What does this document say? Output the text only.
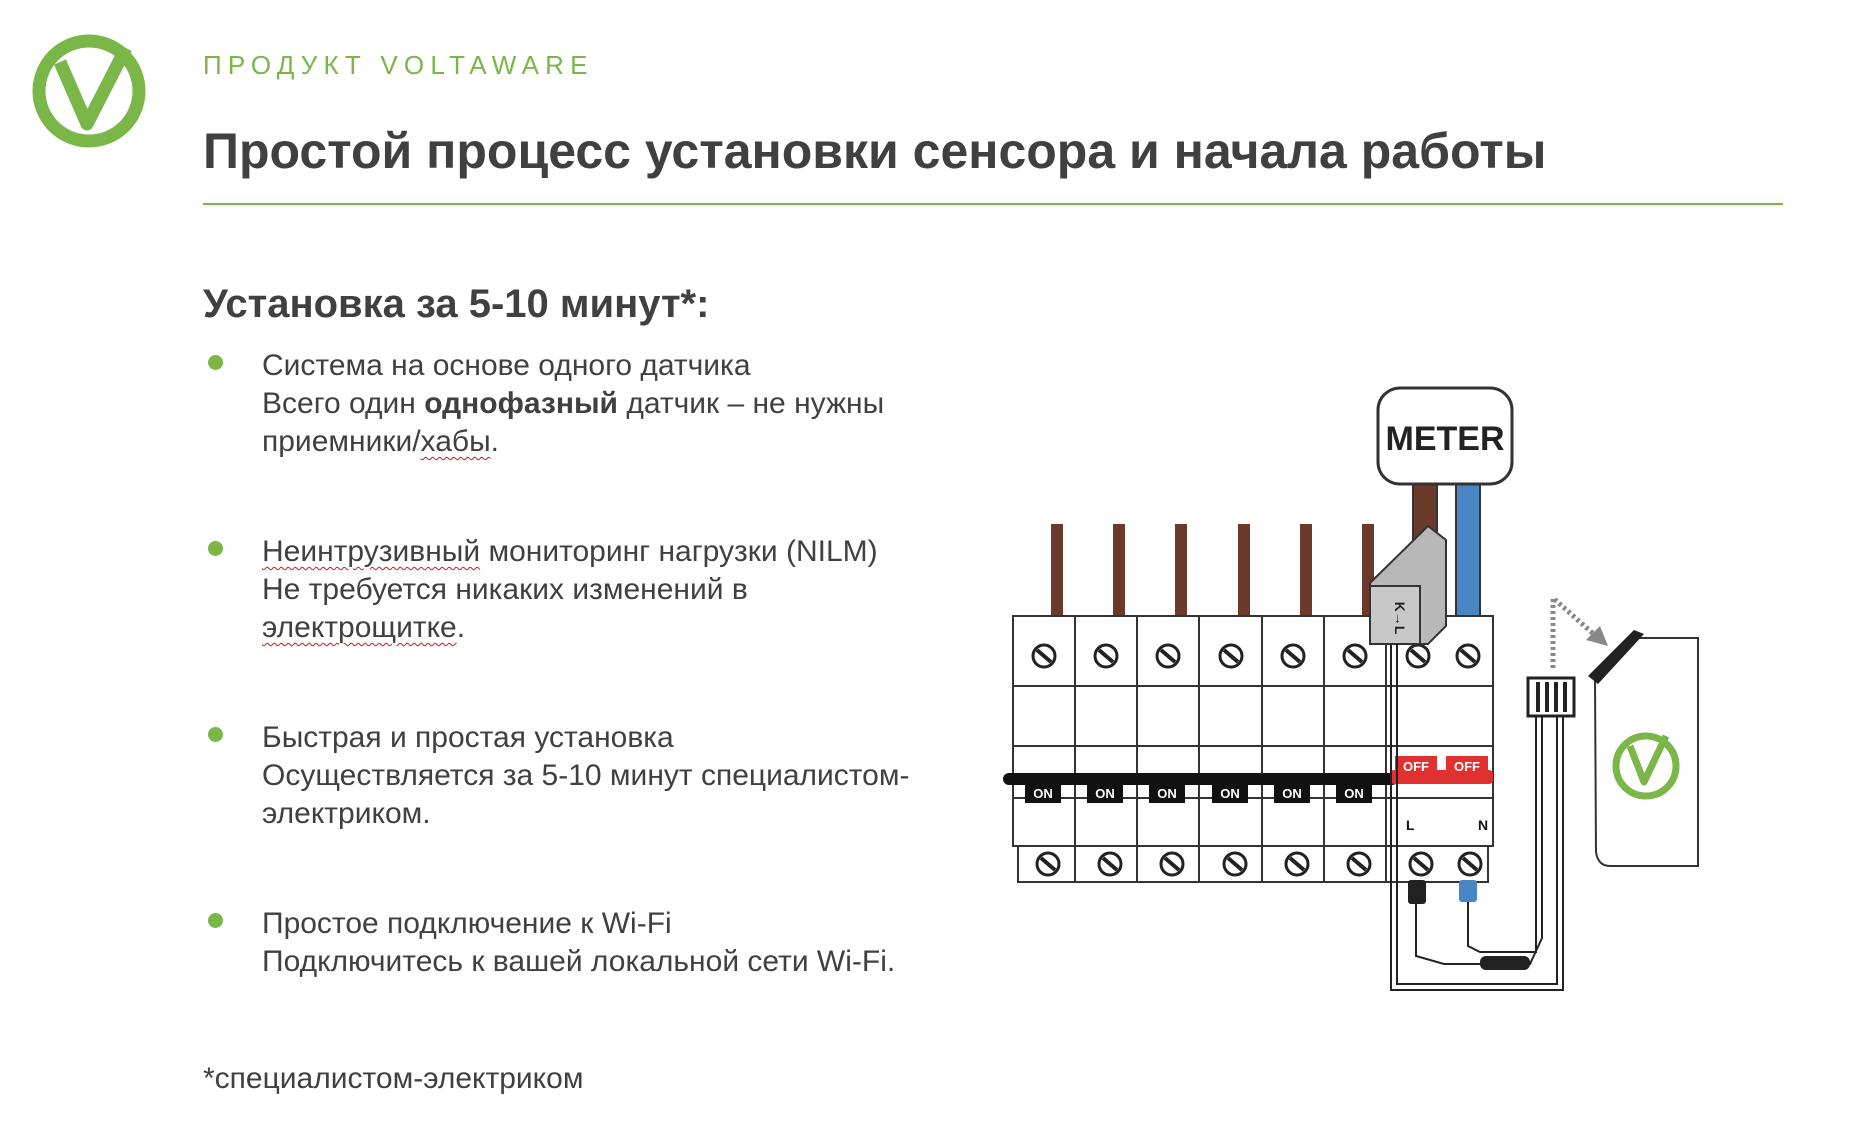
ПРОДУКТ VOLTAWARE
Простой процесс установки сенсора и начала работы
Установка за 5-10 минут*:
Система на основе одного датчика
Всего один однофазный датчик – не нужны
приемники/хабы.
Неинтрузивный мониторинг нагрузки (NILM)
Не требуется никаких изменений в
электрощитке.
Быстрая и простая установка
Осуществляется за 5-10 минут специалистом-
электриком.
Простое подключение к Wi-Fi
Подключитесь к вашей локальной сети Wi-Fi.
*специалистом-электриком
METER
ON	ON	ON	ON	ON	ON
OFF OFF
L	N
K→L
